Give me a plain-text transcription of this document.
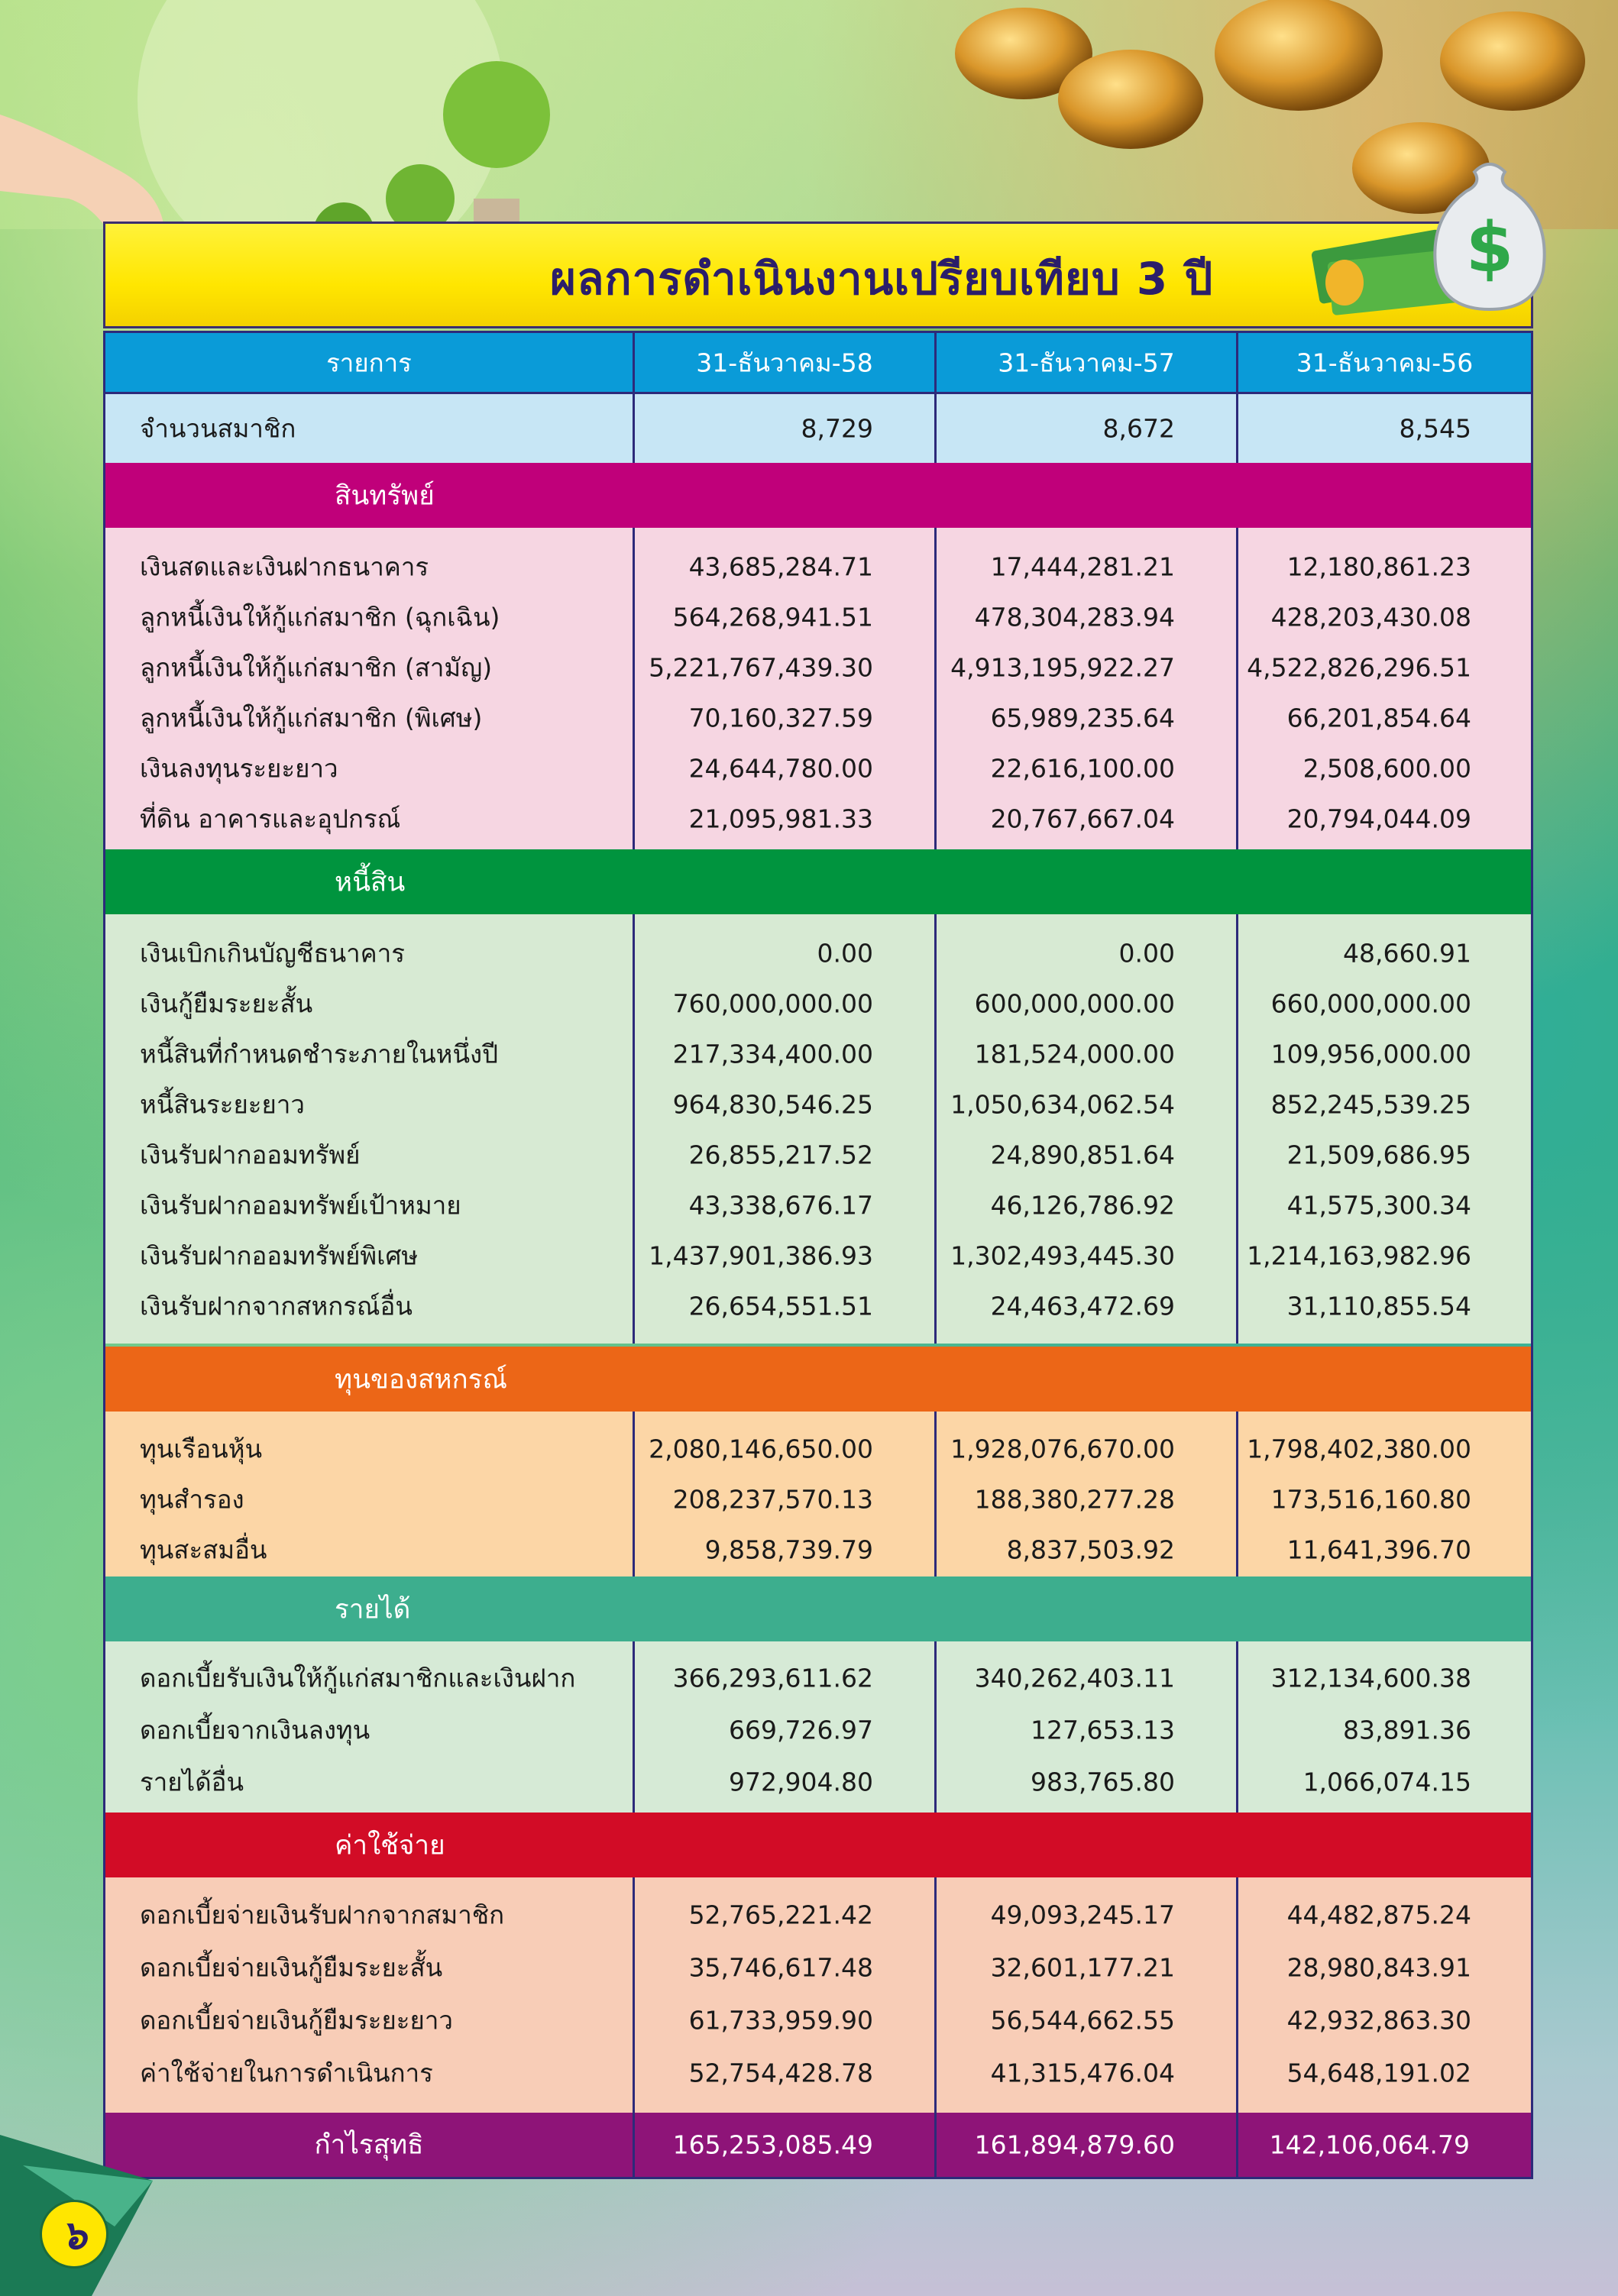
$
ผลการดำเนินงานเปรียบเทียบ 3 ปี
รายการ	31-ธันวาคม-58	31-ธันวาคม-57	31-ธันวาคม-56
จำนวนสมาชิก	8,729	8,672	8,545
สินทรัพย์
เงินสดและเงินฝากธนาคาร	43,685,284.71	17,444,281.21	12,180,861.23
ลูกหนี้เงินให้กู้แก่สมาชิก (ฉุกเฉิน)	564,268,941.51	478,304,283.94	428,203,430.08
ลูกหนี้เงินให้กู้แก่สมาชิก (สามัญ)	5,221,767,439.30	4,913,195,922.27	4,522,826,296.51
ลูกหนี้เงินให้กู้แก่สมาชิก (พิเศษ)	70,160,327.59	65,989,235.64	66,201,854.64
เงินลงทุนระยะยาว	24,644,780.00	22,616,100.00	2,508,600.00
ที่ดิน อาคารและอุปกรณ์	21,095,981.33	20,767,667.04	20,794,044.09
หนี้สิน
เงินเบิกเกินบัญชีธนาคาร	0.00	0.00	48,660.91
เงินกู้ยืมระยะสั้น	760,000,000.00	600,000,000.00	660,000,000.00
หนี้สินที่กำหนดชำระภายในหนึ่งปี	217,334,400.00	181,524,000.00	109,956,000.00
หนี้สินระยะยาว	964,830,546.25	1,050,634,062.54	852,245,539.25
เงินรับฝากออมทรัพย์	26,855,217.52	24,890,851.64	21,509,686.95
เงินรับฝากออมทรัพย์เป้าหมาย	43,338,676.17	46,126,786.92	41,575,300.34
เงินรับฝากออมทรัพย์พิเศษ	1,437,901,386.93	1,302,493,445.30	1,214,163,982.96
เงินรับฝากจากสหกรณ์อื่น	26,654,551.51	24,463,472.69	31,110,855.54
ทุนของสหกรณ์
ทุนเรือนหุ้น	2,080,146,650.00	1,928,076,670.00	1,798,402,380.00
ทุนสำรอง	208,237,570.13	188,380,277.28	173,516,160.80
ทุนสะสมอื่น	9,858,739.79	8,837,503.92	11,641,396.70
รายได้
ดอกเบี้ยรับเงินให้กู้แก่สมาชิกและเงินฝาก	366,293,611.62	340,262,403.11	312,134,600.38
ดอกเบี้ยจากเงินลงทุน	669,726.97	127,653.13	83,891.36
รายได้อื่น	972,904.80	983,765.80	1,066,074.15
ค่าใช้จ่าย
ดอกเบี้ยจ่ายเงินรับฝากจากสมาชิก	52,765,221.42	49,093,245.17	44,482,875.24
ดอกเบี้ยจ่ายเงินกู้ยืมระยะสั้น	35,746,617.48	32,601,177.21	28,980,843.91
ดอกเบี้ยจ่ายเงินกู้ยืมระยะยาว	61,733,959.90	56,544,662.55	42,932,863.30
ค่าใช้จ่ายในการดำเนินการ	52,754,428.78	41,315,476.04	54,648,191.02
กำไรสุทธิ	165,253,085.49	161,894,879.60	142,106,064.79
๖
